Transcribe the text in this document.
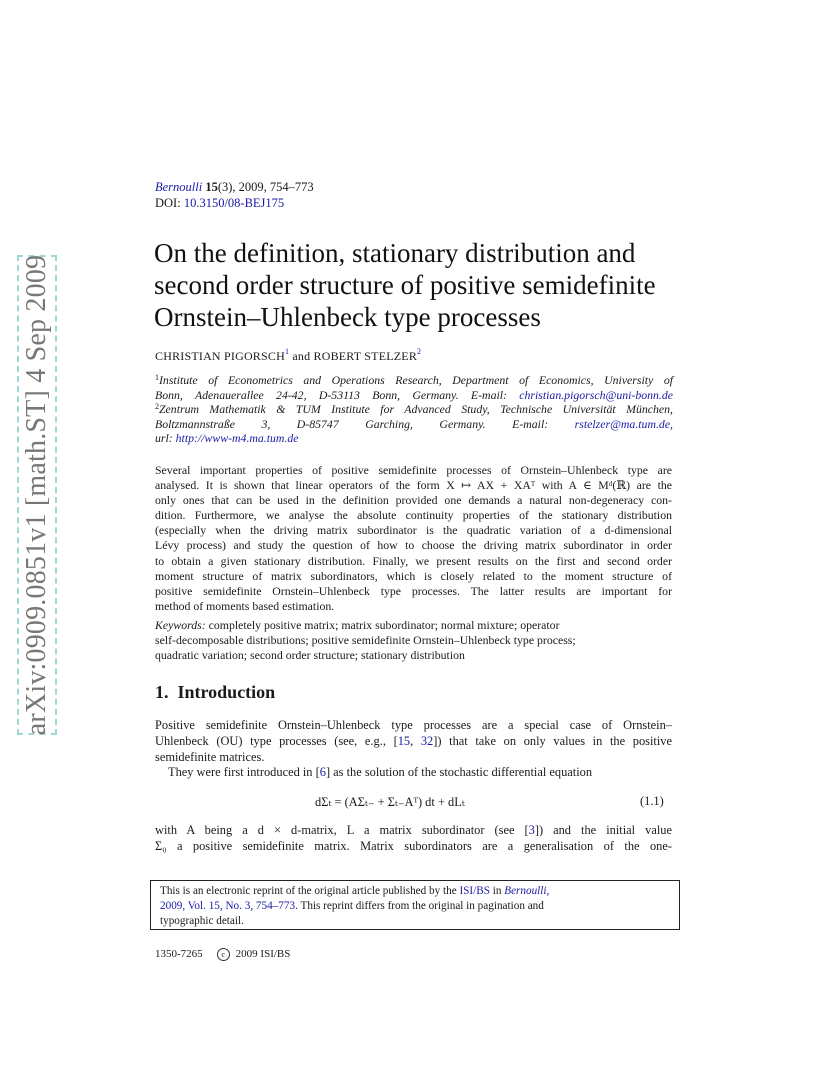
arXiv:0909.0851v1 [math.ST] 4 Sep 2009
Bernoulli 15(3), 2009, 754–773
DOI: 10.3150/08-BEJ175
On the definition, stationary distribution and
second order structure of positive semidefinite
Ornstein–Uhlenbeck type processes
CHRISTIAN PIGORSCH$^1$ and ROBERT STELZER$^2$
$^1$Institute of Econometrics and Operations Research, Department of Economics, University of
Bonn, Adenauerallee 24-42, D-53113 Bonn, Germany. E-mail: christian.pigorsch@uni-bonn.de
$^2$Zentrum Mathematik & TUM Institute for Advanced Study, Technische Universität München,
Boltzmannstraße 3, D-85747 Garching, Germany. E-mail: rstelzer@ma.tum.de,
url: http://www-m4.ma.tum.de
Several important properties of positive semidefinite processes of Ornstein–Uhlenbeck type are
analysed. It is shown that linear operators of the form X ↦ AX + XAᵀ with A ∈ Mᵈ(ℝ) are the
only ones that can be used in the definition provided one demands a natural non-degeneracy con-
dition. Furthermore, we analyse the absolute continuity properties of the stationary distribution
(especially when the driving matrix subordinator is the quadratic variation of a d-dimensional
Lévy process) and study the question of how to choose the driving matrix subordinator in order
to obtain a given stationary distribution. Finally, we present results on the first and second order
moment structure of matrix subordinators, which is closely related to the moment structure of
positive semidefinite Ornstein–Uhlenbeck type processes. The latter results are important for
method of moments based estimation.
Keywords: completely positive matrix; matrix subordinator; normal mixture; operator
self-decomposable distributions; positive semidefinite Ornstein–Uhlenbeck type process;
quadratic variation; second order structure; stationary distribution
1. Introduction
Positive semidefinite Ornstein–Uhlenbeck type processes are a special case of Ornstein–
Uhlenbeck (OU) type processes (see, e.g., [15, 32]) that take on only values in the positive
semidefinite matrices.
They were first introduced in [6] as the solution of the stochastic differential equation
dΣₜ = (AΣₜ₋ + Σₜ₋Aᵀ) dt + dLₜ	(1.1)
with A being a d × d-matrix, L a matrix subordinator (see [3]) and the initial value
Σ₀ a positive semidefinite matrix. Matrix subordinators are a generalisation of the one-
This is an electronic reprint of the original article published by the ISI/BS in Bernoulli,
2009, Vol. 15, No. 3, 754–773. This reprint differs from the original in pagination and
typographic detail.
1350-7265 c 2009 ISI/BS
